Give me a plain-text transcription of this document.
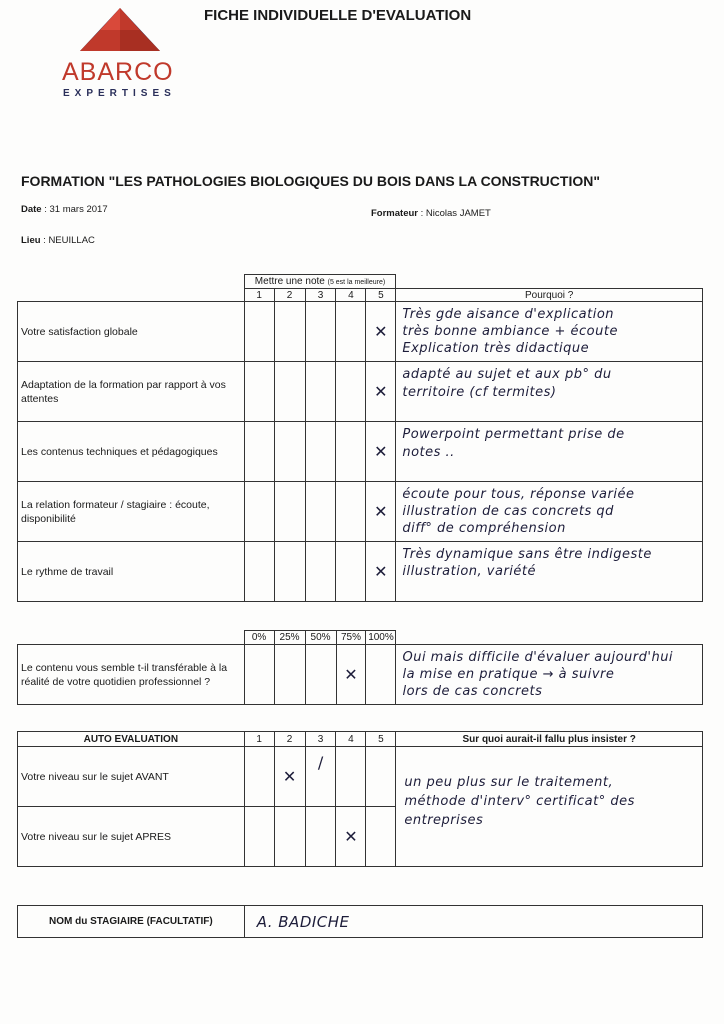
FICHE INDIVIDUELLE D'EVALUATION
ABARCO
EXPERTISES
FORMATION "LES PATHOLOGIES BIOLOGIQUES DU BOIS DANS LA CONSTRUCTION"
Date : 31 mars 2017	Formateur : Nicolas JAMET
Lieu : NEUILLAC
	Mettre une note (5 est la meilleure)					
	1	2	3	4	5	Pourquoi ?
Votre satisfaction globale					✕	Très gde aisance d'explication
très bonne ambiance + écoute
Explication très didactique

Adaptation de la formation par rapport à vos attentes					✕	adapté au sujet et aux pb° du
territoire (cf termites)

Les contenus techniques et pédagogiques					✕	Powerpoint permettant prise de
notes ..

La relation formateur / stagiaire : écoute, disponibilité					✕	écoute pour tous, réponse variée
illustration de cas concrets qd
diff° de compréhension

Le rythme de travail					✕	Très dynamique sans être indigeste
illustration, variété
	0%	25%	50%	75%	100%	
Le contenu vous semble t-il transférable à la réalité de votre quotidien professionnel ?				✕		Oui mais difficile d'évaluer aujourd'hui
la mise en pratique → à suivre
lors de cas concrets
AUTO EVALUATION	1	2	3	4	5	Sur quoi aurait-il fallu plus insister ?
Votre niveau sur le sujet AVANT		✕	/			un peu plus sur le traitement,
méthode d'interv° certificat° des
entreprises

Votre niveau sur le sujet APRES				✕		
NOM du STAGIAIRE (FACULTATIF)	A. BADICHE
